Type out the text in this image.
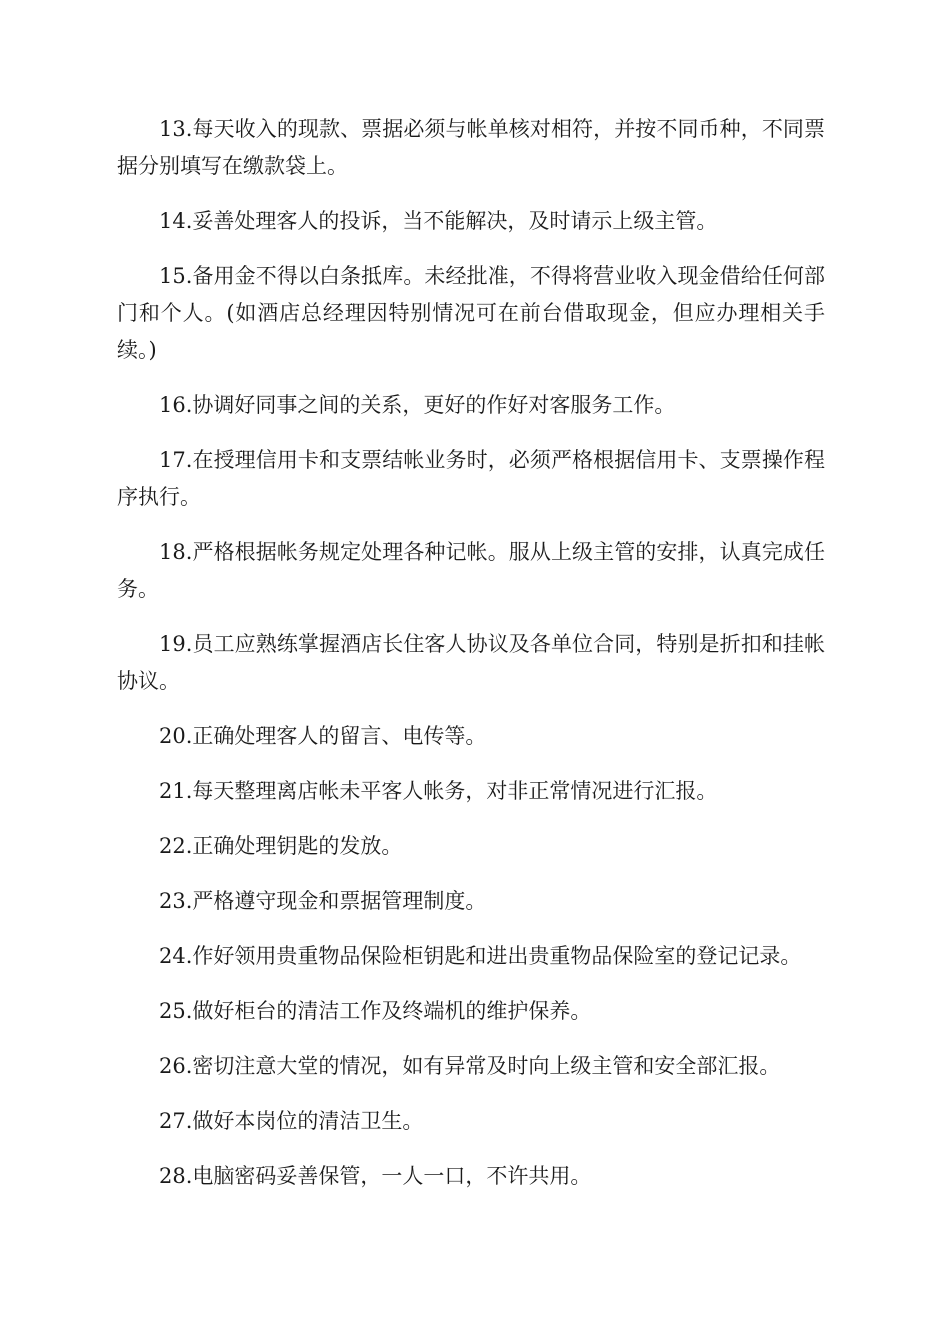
13.每天收入的现款、票据必须与帐单核对相符，并按不同币种，不同票据分别填写在缴款袋上。

14.妥善处理客人的投诉，当不能解决，及时请示上级主管。

15.备用金不得以白条抵库。未经批准，不得将营业收入现金借给任何部门和个人。(如酒店总经理因特别情况可在前台借取现金，但应办理相关手续。)

16.协调好同事之间的关系，更好的作好对客服务工作。

17.在授理信用卡和支票结帐业务时，必须严格根据信用卡、支票操作程序执行。

18.严格根据帐务规定处理各种记帐。服从上级主管的安排，认真完成任务。

19.员工应熟练掌握酒店长住客人协议及各单位合同，特别是折扣和挂帐协议。

20.正确处理客人的留言、电传等。

21.每天整理离店帐未平客人帐务，对非正常情况进行汇报。

22.正确处理钥匙的发放。

23.严格遵守现金和票据管理制度。

24.作好领用贵重物品保险柜钥匙和进出贵重物品保险室的登记记录。

25.做好柜台的清洁工作及终端机的维护保养。

26.密切注意大堂的情况，如有异常及时向上级主管和安全部汇报。

27.做好本岗位的清洁卫生。

28.电脑密码妥善保管，一人一口，不许共用。
